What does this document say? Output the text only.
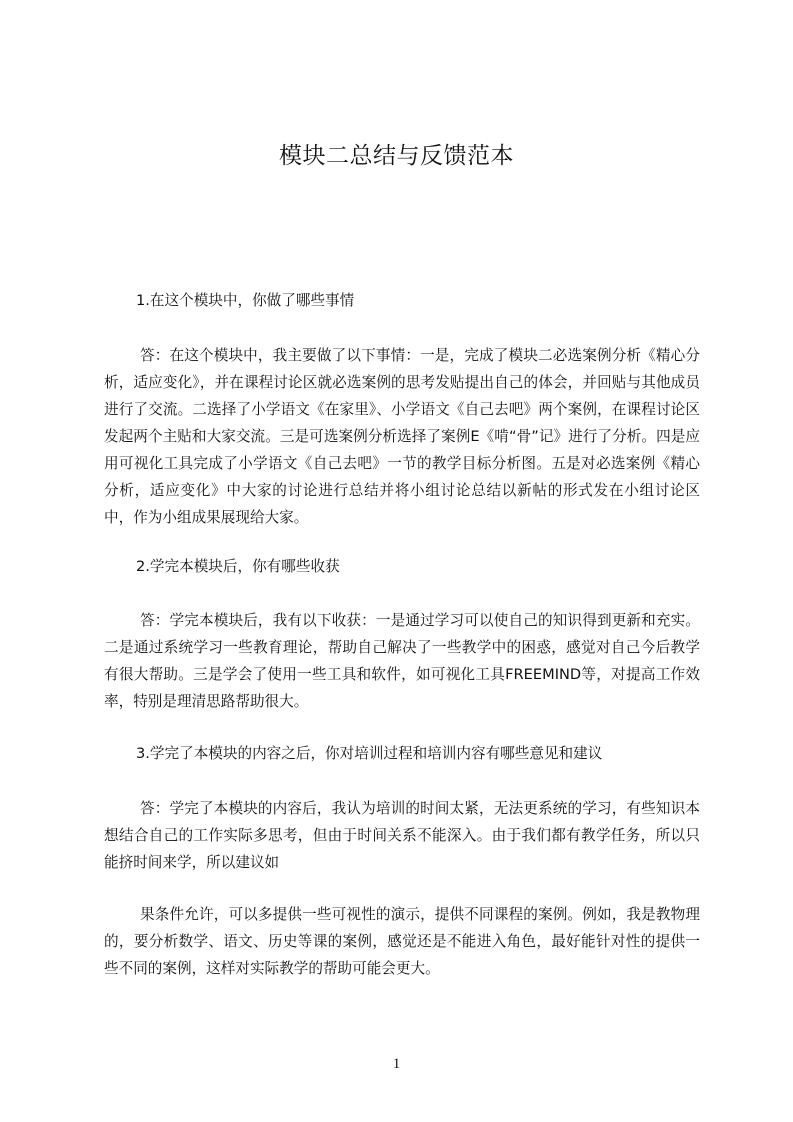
模块二总结与反馈范本

1.在这个模块中，你做了哪些事情

答：在这个模块中，我主要做了以下事情：一是，完成了模块二必选案例分析《精心分析，适应变化》，并在课程讨论区就必选案例的思考发贴提出自己的体会，并回贴与其他成员进行了交流。二选择了小学语文《在家里》、小学语文《自己去吧》两个案例，在课程讨论区发起两个主贴和大家交流。三是可选案例分析选择了案例E《啃“骨”记》进行了分析。四是应用可视化工具完成了小学语文《自己去吧》一节的教学目标分析图。五是对必选案例《精心分析，适应变化》中大家的讨论进行总结并将小组讨论总结以新帖的形式发在小组讨论区中，作为小组成果展现给大家。

2.学完本模块后，你有哪些收获

答：学完本模块后，我有以下收获：一是通过学习可以使自己的知识得到更新和充实。二是通过系统学习一些教育理论，帮助自己解决了一些教学中的困惑，感觉对自己今后教学有很大帮助。三是学会了使用一些工具和软件，如可视化工具FREEMIND等，对提高工作效率，特别是理清思路帮助很大。

3.学完了本模块的内容之后，你对培训过程和培训内容有哪些意见和建议

答：学完了本模块的内容后，我认为培训的时间太紧，无法更系统的学习，有些知识本想结合自己的工作实际多思考，但由于时间关系不能深入。由于我们都有教学任务，所以只能挤时间来学，所以建议如

果条件允许，可以多提供一些可视性的演示，提供不同课程的案例。例如，我是教物理的，要分析数学、语文、历史等课的案例，感觉还是不能进入角色，最好能针对性的提供一些不同的案例，这样对实际教学的帮助可能会更大。

1
